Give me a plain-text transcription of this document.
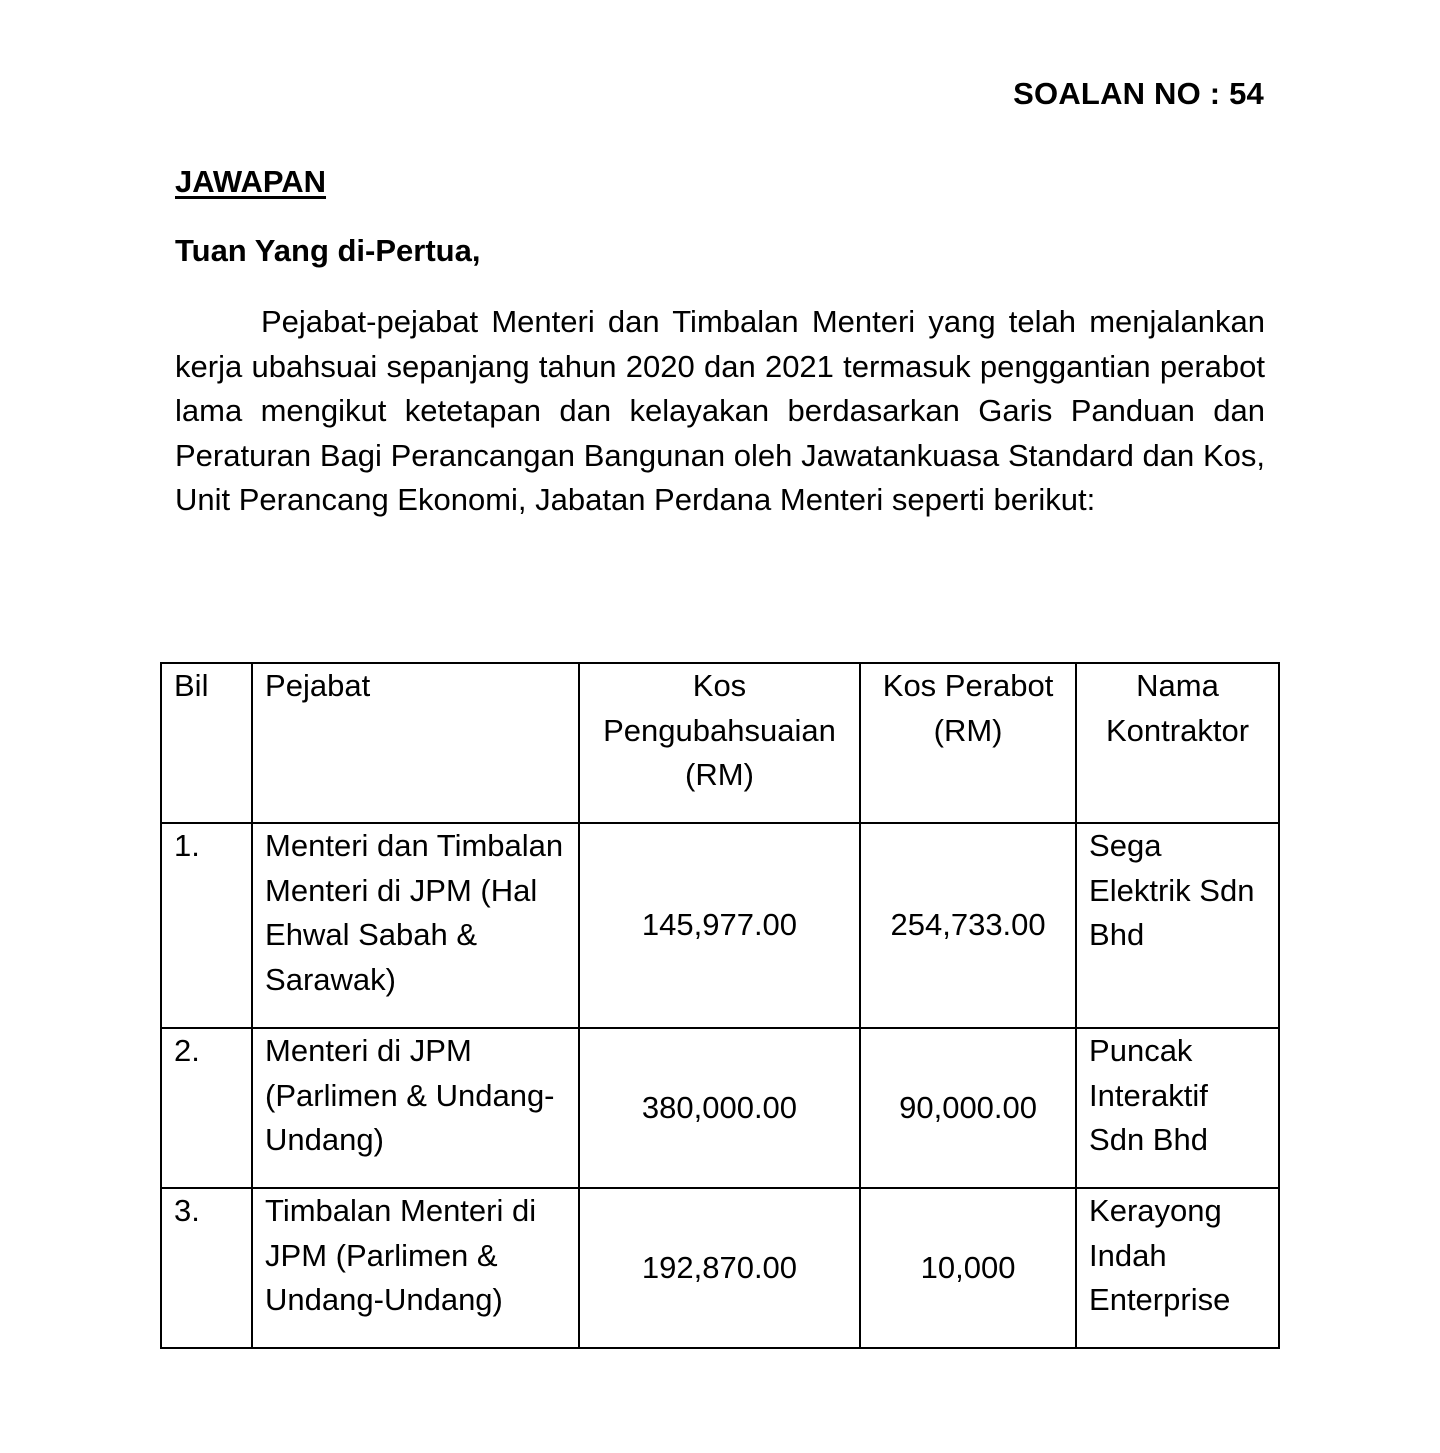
SOALAN NO : 54
JAWAPAN
Tuan Yang di-Pertua,

Pejabat-pejabat Menteri dan Timbalan Menteri yang telah menjalankan kerja ubahsuai sepanjang tahun 2020 dan 2021 termasuk penggantian perabot lama mengikut ketetapan dan kelayakan berdasarkan Garis Panduan dan Peraturan Bagi Perancangan Bangunan oleh Jawatankuasa Standard dan Kos, Unit Perancang Ekonomi, Jabatan Perdana Menteri seperti berikut:

Bil	Pejabat	Kos Pengubahsuaian (RM)	Kos Perabot (RM)	Nama Kontraktor
1.	Menteri dan Timbalan Menteri di JPM (Hal Ehwal Sabah & Sarawak)	145,977.00	254,733.00	Sega Elektrik Sdn Bhd
2.	Menteri di JPM (Parlimen & Undang-Undang)	380,000.00	90,000.00	Puncak Interaktif Sdn Bhd
3.	Timbalan Menteri di JPM (Parlimen & Undang-Undang)	192,870.00	10,000	Kerayong Indah Enterprise
